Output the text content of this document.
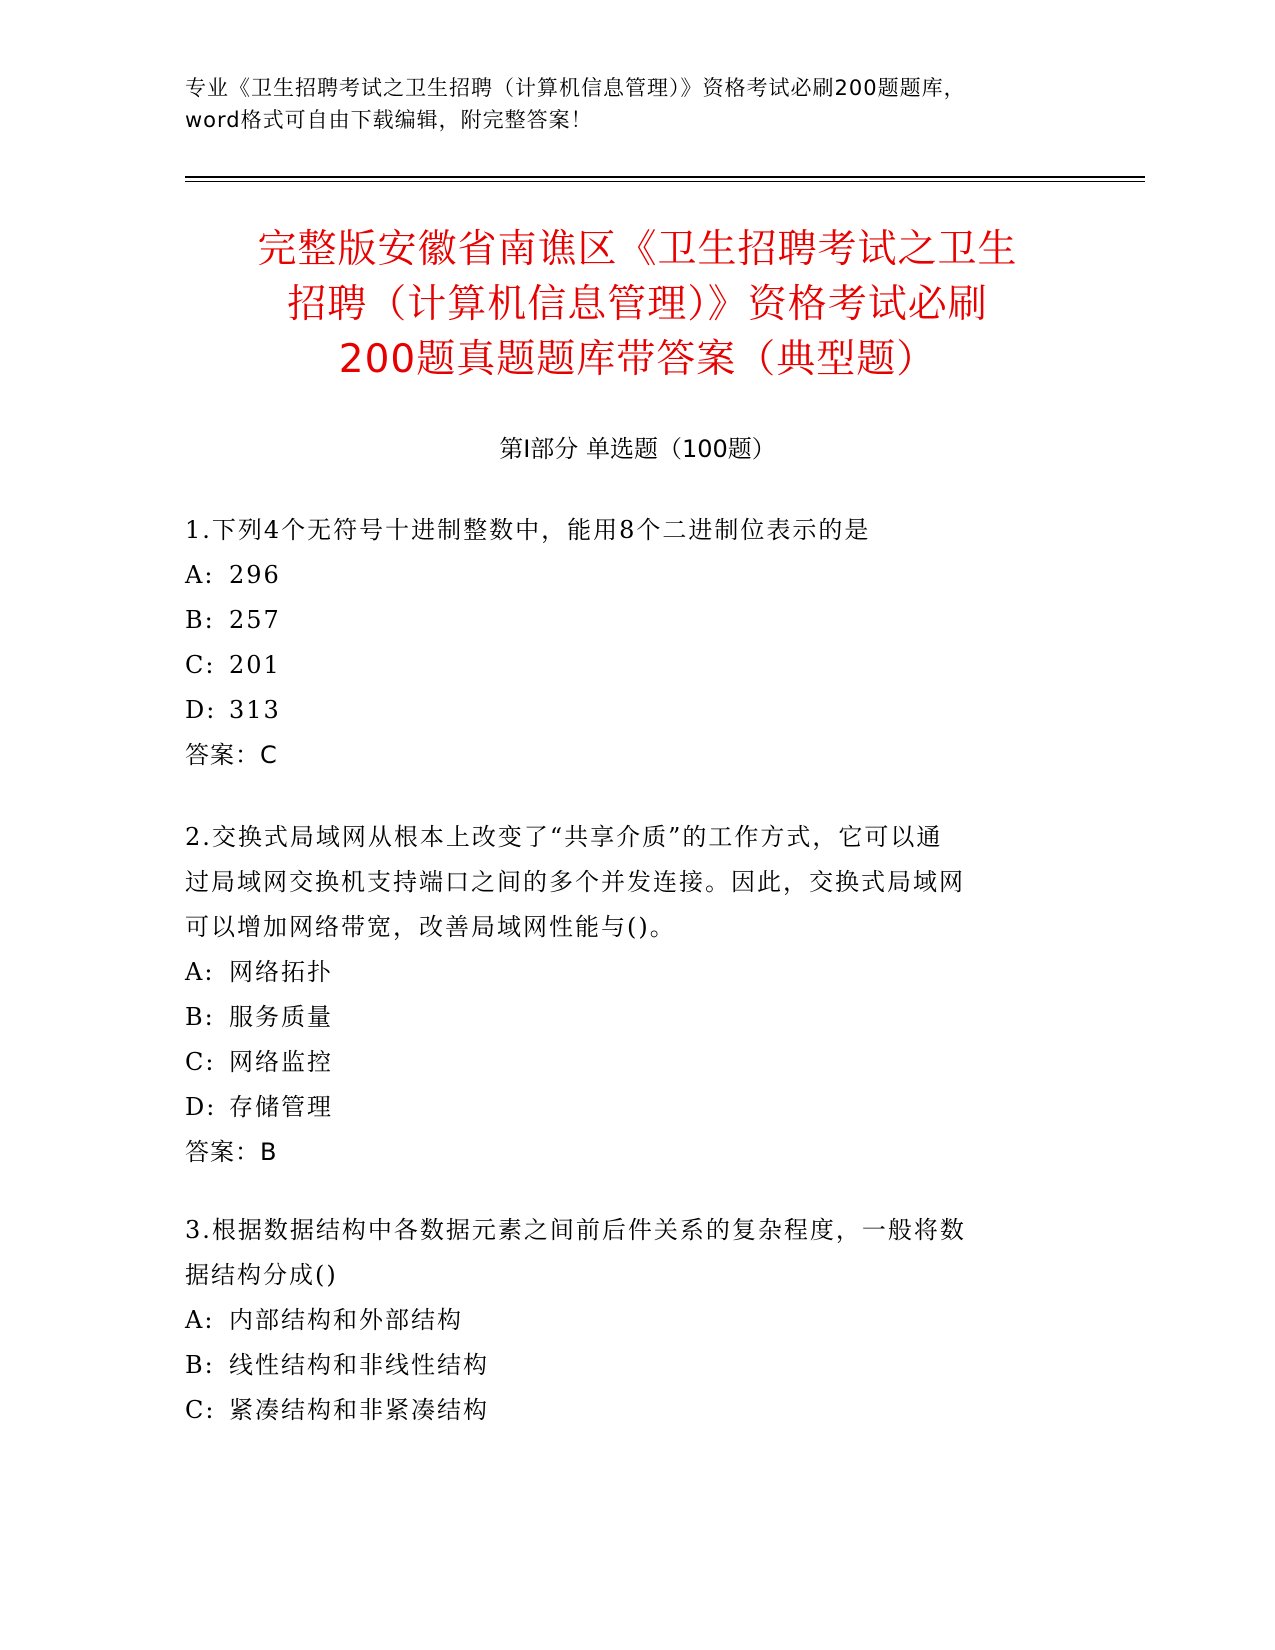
专业《卫生招聘考试之卫生招聘（计算机信息管理）》资格考试必刷200题题库，
word格式可自由下载编辑，附完整答案！
完整版安徽省南谯区《卫生招聘考试之卫生
招聘（计算机信息管理）》资格考试必刷
200题真题题库带答案（典型题）
第Ⅰ部分 单选题（100题）
1.下列4个无符号十进制整数中，能用8个二进制位表示的是
A: 296
B: 257
C: 201
D: 313
答案：C
2.交换式局域网从根本上改变了“共享介质”的工作方式，它可以通
过局域网交换机支持端口之间的多个并发连接。因此，交换式局域网
可以增加网络带宽，改善局域网性能与()。
A: 网络拓扑
B: 服务质量
C: 网络监控
D: 存储管理
答案：B
3.根据数据结构中各数据元素之间前后件关系的复杂程度，一般将数
据结构分成()
A: 内部结构和外部结构
B: 线性结构和非线性结构
C: 紧凑结构和非紧凑结构
